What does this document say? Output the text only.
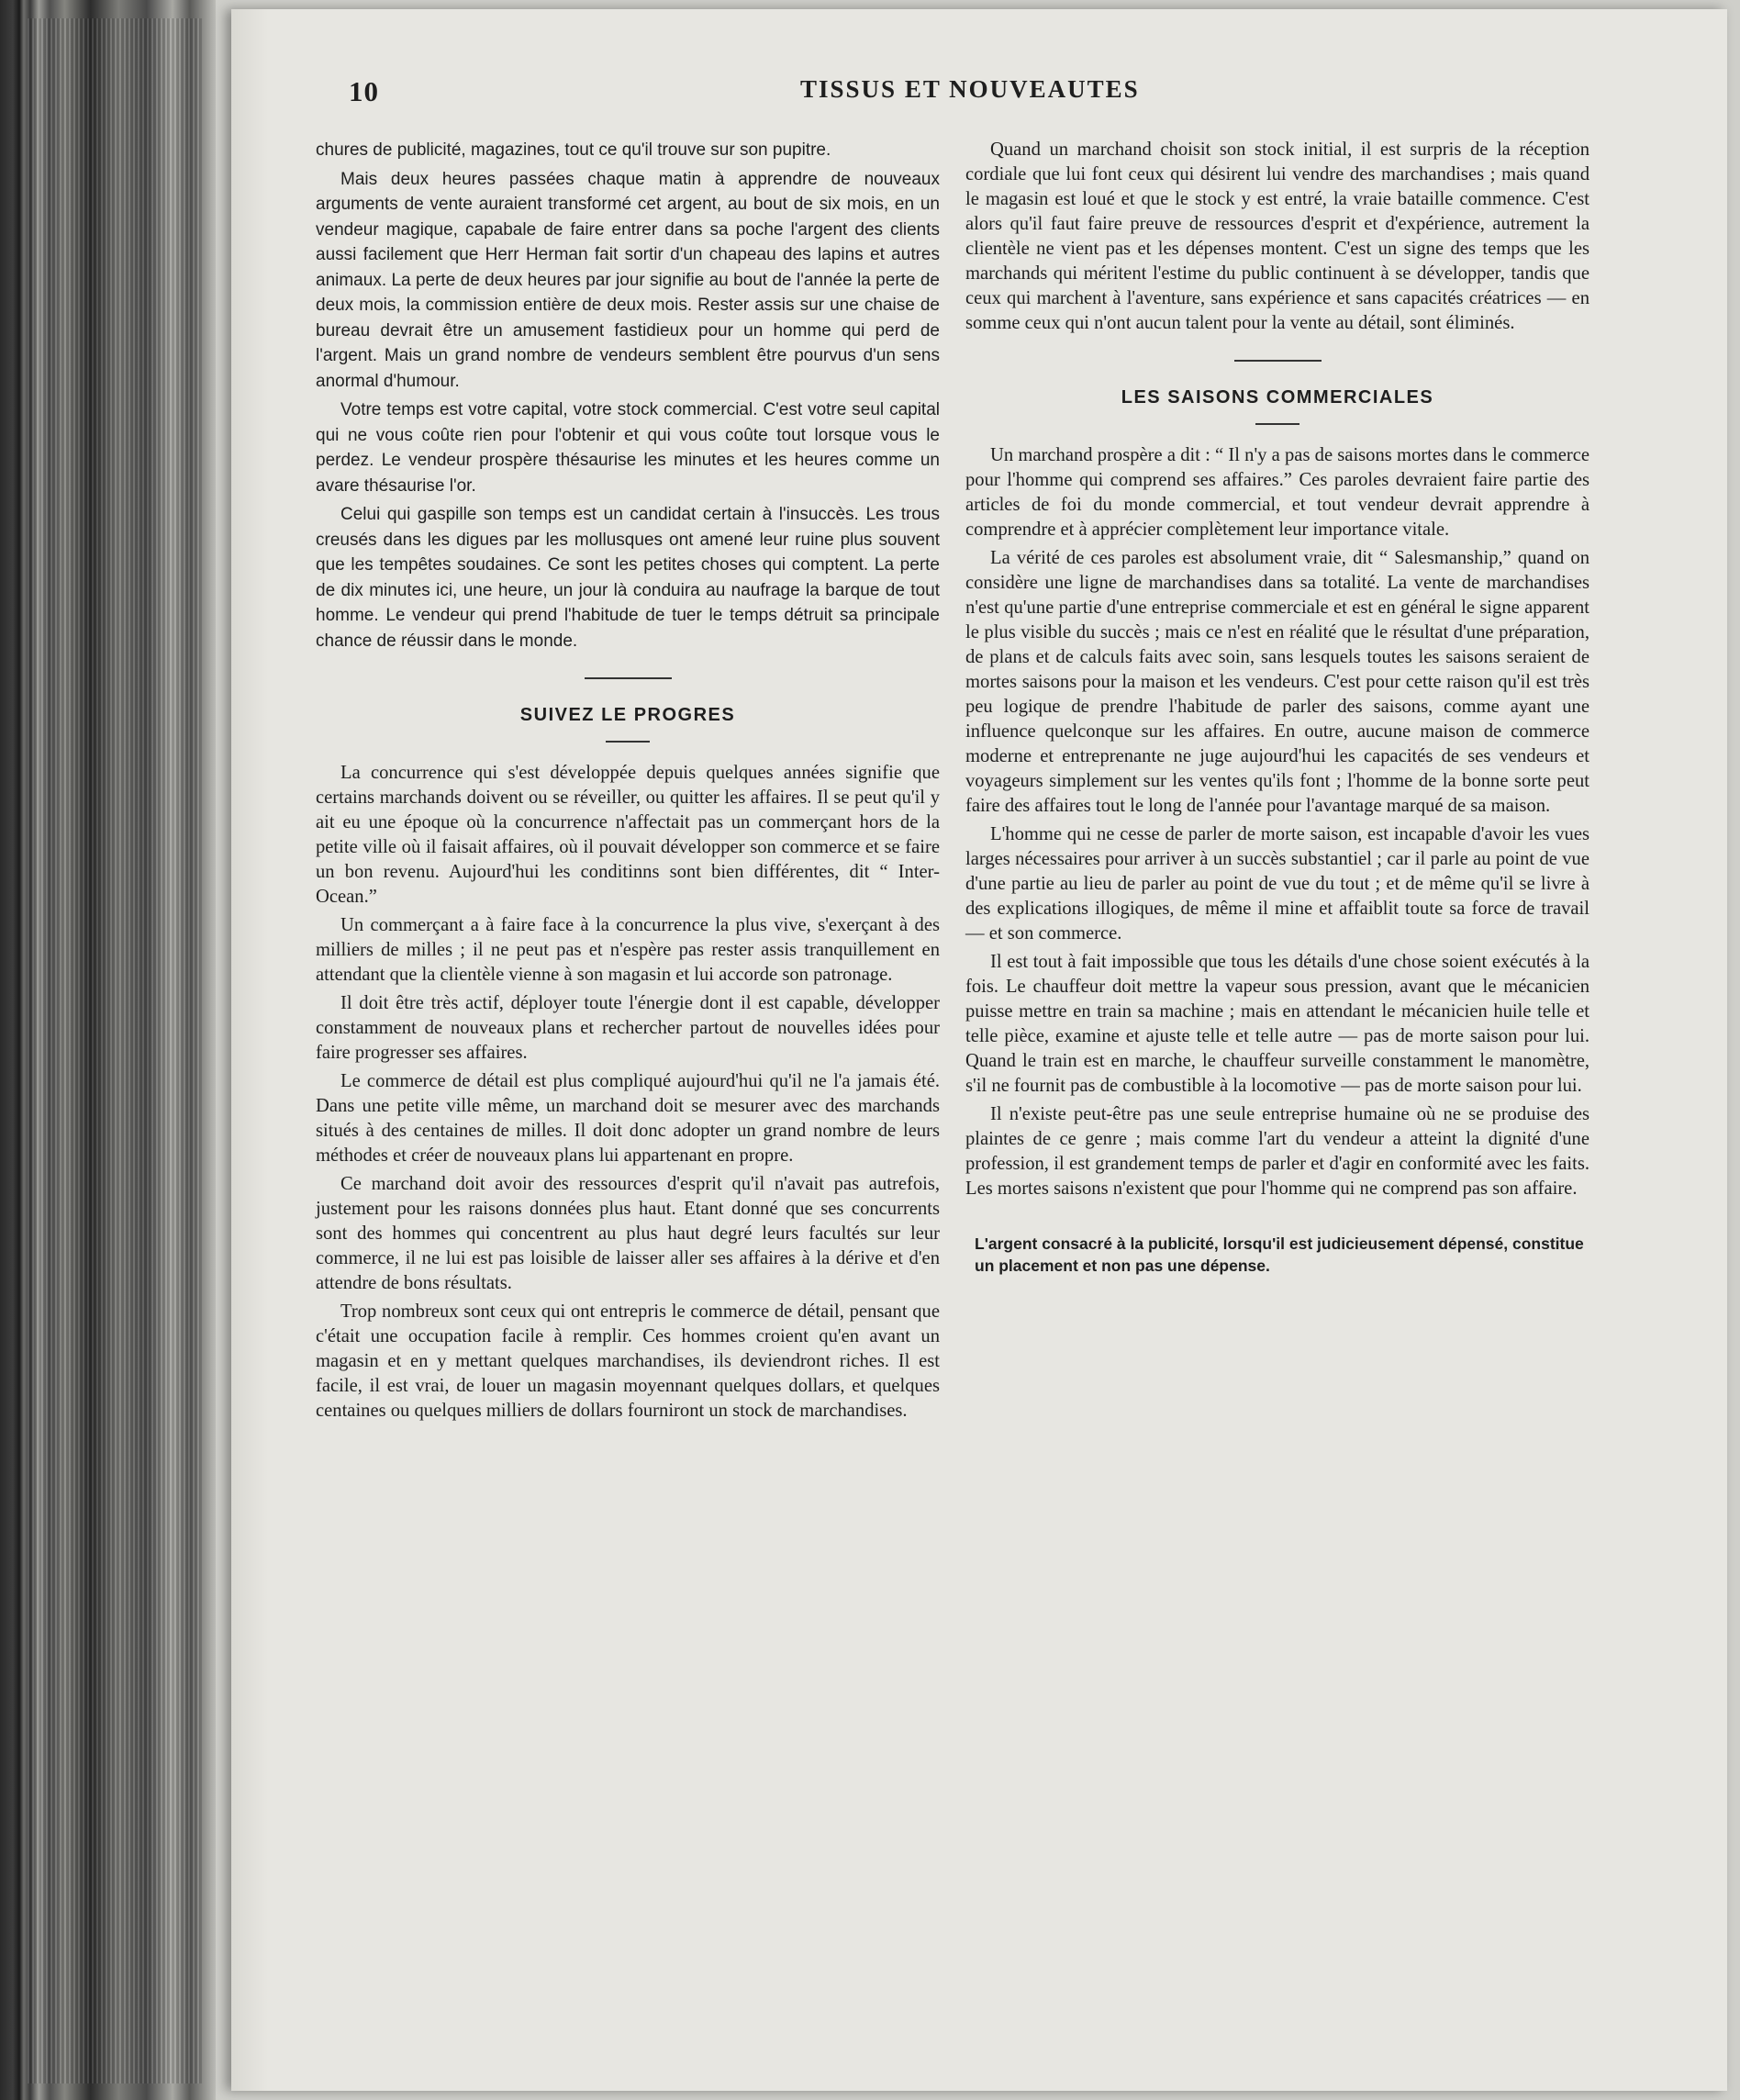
10	TISSUS ET NOUVEAUTES

chures de publicité, magazines, tout ce qu'il trouve sur son pupitre.

Mais deux heures passées chaque matin à apprendre de nouveaux arguments de vente auraient transformé cet argent, au bout de six mois, en un vendeur magique, capabale de faire entrer dans sa poche l'argent des clients aussi facilement que Herr Herman fait sortir d'un chapeau des lapins et autres animaux. La perte de deux heures par jour signifie au bout de l'année la perte de deux mois, la commission entière de deux mois. Rester assis sur une chaise de bureau devrait être un amusement fastidieux pour un homme qui perd de l'argent. Mais un grand nombre de vendeurs semblent être pourvus d'un sens anormal d'humour.

Votre temps est votre capital, votre stock commercial. C'est votre seul capital qui ne vous coûte rien pour l'obtenir et qui vous coûte tout lorsque vous le perdez. Le vendeur prospère thésaurise les minutes et les heures comme un avare thésaurise l'or.

Celui qui gaspille son temps est un candidat certain à l'insuccès. Les trous creusés dans les digues par les mollusques ont amené leur ruine plus souvent que les tempêtes soudaines. Ce sont les petites choses qui comptent. La perte de dix minutes ici, une heure, un jour là conduira au naufrage la barque de tout homme. Le vendeur qui prend l'habitude de tuer le temps détruit sa principale chance de réussir dans le monde.

SUIVEZ LE PROGRES

La concurrence qui s'est développée depuis quelques années signifie que certains marchands doivent ou se réveiller, ou quitter les affaires. Il se peut qu'il y ait eu une époque où la concurrence n'affectait pas un commerçant hors de la petite ville où il faisait affaires, où il pouvait développer son commerce et se faire un bon revenu. Aujourd'hui les conditinns sont bien différentes, dit “ Inter-Ocean.”

Un commerçant a à faire face à la concurrence la plus vive, s'exerçant à des milliers de milles ; il ne peut pas et n'espère pas rester assis tranquillement en attendant que la clientèle vienne à son magasin et lui accorde son patronage.

Il doit être très actif, déployer toute l'énergie dont il est capable, développer constamment de nouveaux plans et rechercher partout de nouvelles idées pour faire progresser ses affaires.

Le commerce de détail est plus compliqué aujourd'hui qu'il ne l'a jamais été. Dans une petite ville même, un marchand doit se mesurer avec des marchands situés à des centaines de milles. Il doit donc adopter un grand nombre de leurs méthodes et créer de nouveaux plans lui appartenant en propre.

Ce marchand doit avoir des ressources d'esprit qu'il n'avait pas autrefois, justement pour les raisons données plus haut. Etant donné que ses concurrents sont des hommes qui concentrent au plus haut degré leurs facultés sur leur commerce, il ne lui est pas loisible de laisser aller ses affaires à la dérive et d'en attendre de bons résultats.

Trop nombreux sont ceux qui ont entrepris le commerce de détail, pensant que c'était une occupation facile à remplir. Ces hommes croient qu'en avant un magasin et en y mettant quelques marchandises, ils deviendront riches. Il est facile, il est vrai, de louer un magasin moyennant quelques dollars, et quelques centaines ou quelques milliers de dollars fourniront un stock de marchandises.

Quand un marchand choisit son stock initial, il est surpris de la réception cordiale que lui font ceux qui désirent lui vendre des marchandises ; mais quand le magasin est loué et que le stock y est entré, la vraie bataille commence. C'est alors qu'il faut faire preuve de ressources d'esprit et d'expérience, autrement la clientèle ne vient pas et les dépenses montent. C'est un signe des temps que les marchands qui méritent l'estime du public continuent à se développer, tandis que ceux qui marchent à l'aventure, sans expérience et sans capacités créatrices — en somme ceux qui n'ont aucun talent pour la vente au détail, sont éliminés.

LES SAISONS COMMERCIALES

Un marchand prospère a dit : “ Il n'y a pas de saisons mortes dans le commerce pour l'homme qui comprend ses affaires.” Ces paroles devraient faire partie des articles de foi du monde commercial, et tout vendeur devrait apprendre à comprendre et à apprécier complètement leur importance vitale.

La vérité de ces paroles est absolument vraie, dit “ Salesmanship,” quand on considère une ligne de marchandises dans sa totalité. La vente de marchandises n'est qu'une partie d'une entreprise commerciale et est en général le signe apparent le plus visible du succès ; mais ce n'est en réalité que le résultat d'une préparation, de plans et de calculs faits avec soin, sans lesquels toutes les saisons seraient de mortes saisons pour la maison et les vendeurs. C'est pour cette raison qu'il est très peu logique de prendre l'habitude de parler des saisons, comme ayant une influence quelconque sur les affaires. En outre, aucune maison de commerce moderne et entreprenante ne juge aujourd'hui les capacités de ses vendeurs et voyageurs simplement sur les ventes qu'ils font ; l'homme de la bonne sorte peut faire des affaires tout le long de l'année pour l'avantage marqué de sa maison.

L'homme qui ne cesse de parler de morte saison, est incapable d'avoir les vues larges nécessaires pour arriver à un succès substantiel ; car il parle au point de vue d'une partie au lieu de parler au point de vue du tout ; et de même qu'il se livre à des explications illogiques, de même il mine et affaiblit toute sa force de travail — et son commerce.

Il est tout à fait impossible que tous les détails d'une chose soient exécutés à la fois. Le chauffeur doit mettre la vapeur sous pression, avant que le mécanicien puisse mettre en train sa machine ; mais en attendant le mécanicien huile telle et telle pièce, examine et ajuste telle et telle autre — pas de morte saison pour lui. Quand le train est en marche, le chauffeur surveille constamment le manomètre, s'il ne fournit pas de combustible à la locomotive — pas de morte saison pour lui.

Il n'existe peut-être pas une seule entreprise humaine où ne se produise des plaintes de ce genre ; mais comme l'art du vendeur a atteint la dignité d'une profession, il est grandement temps de parler et d'agir en conformité avec les faits. Les mortes saisons n'existent que pour l'homme qui ne comprend pas son affaire.

L'argent consacré à la publicité, lorsqu'il est judicieusement dépensé, constitue un placement et non pas une dépense.
